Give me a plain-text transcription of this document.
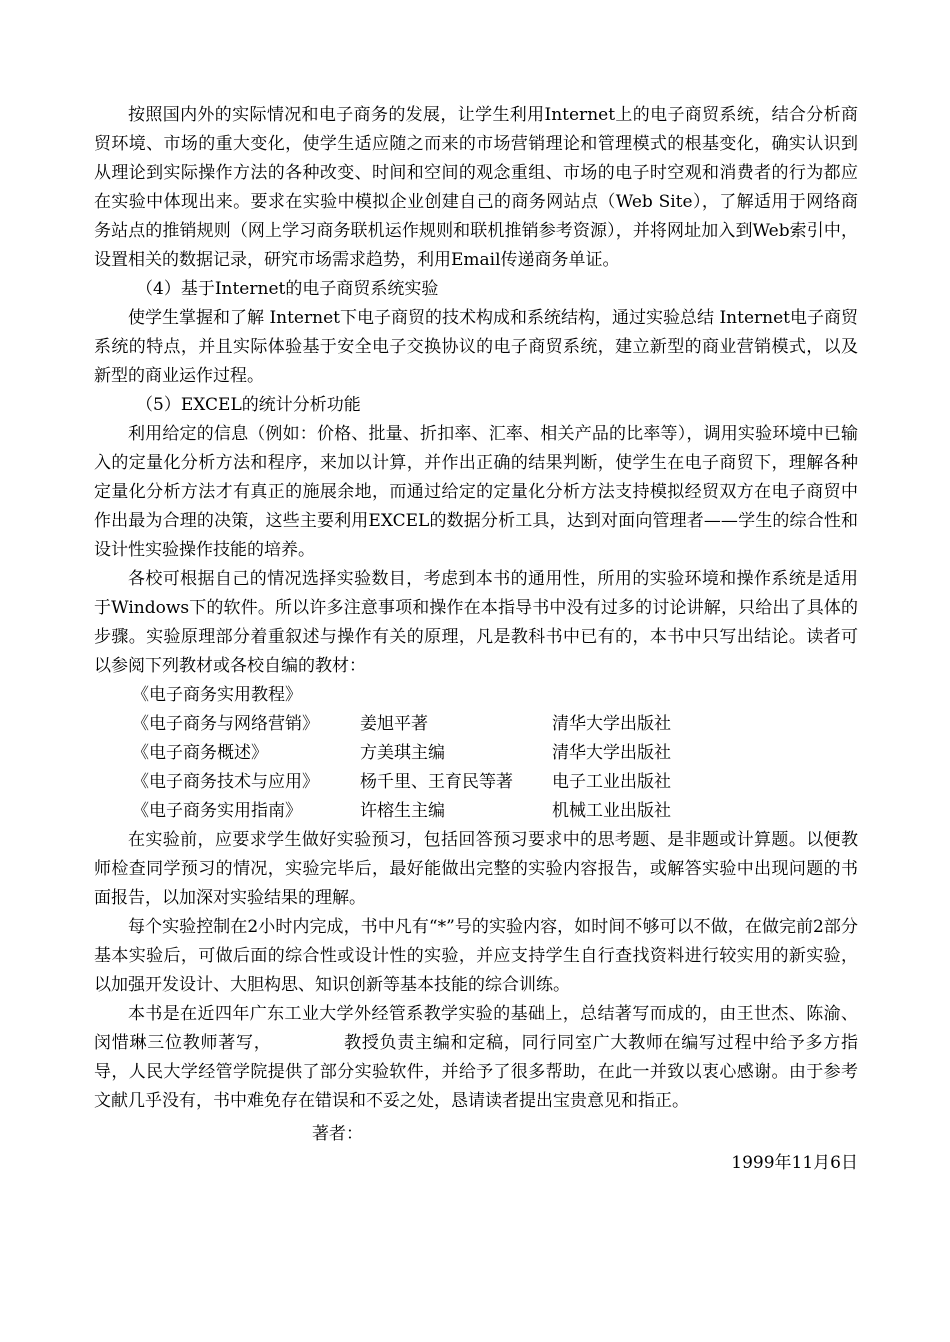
按照国内外的实际情况和电子商务的发展，让学生利用Internet上的电子商贸系统，结合分析商贸环境、市场的重大变化，使学生适应随之而来的市场营销理论和管理模式的根基变化，确实认识到从理论到实际操作方法的各种改变、时间和空间的观念重组、市场的电子时空观和消费者的行为都应在实验中体现出来。要求在实验中模拟企业创建自己的商务网站点（Web Site），了解适用于网络商务站点的推销规则（网上学习商务联机运作规则和联机推销参考资源），并将网址加入到Web索引中，设置相关的数据记录，研究市场需求趋势，利用Email传递商务单证。

（4）基于Internet的电子商贸系统实验

使学生掌握和了解 Internet下电子商贸的技术构成和系统结构，通过实验总结 Internet电子商贸系统的特点，并且实际体验基于安全电子交换协议的电子商贸系统，建立新型的商业营销模式，以及新型的商业运作过程。

（5）EXCEL的统计分析功能

利用给定的信息（例如：价格、批量、折扣率、汇率、相关产品的比率等），调用实验环境中已输入的定量化分析方法和程序，来加以计算，并作出正确的结果判断，使学生在电子商贸下，理解各种定量化分析方法才有真正的施展余地，而通过给定的定量化分析方法支持模拟经贸双方在电子商贸中作出最为合理的决策，这些主要利用EXCEL的数据分析工具，达到对面向管理者——学生的综合性和设计性实验操作技能的培养。

各校可根据自己的情况选择实验数目，考虑到本书的通用性，所用的实验环境和操作系统是适用于Windows下的软件。所以许多注意事项和操作在本指导书中没有过多的讨论讲解，只给出了具体的步骤。实验原理部分着重叙述与操作有关的原理，凡是教科书中已有的，本书中只写出结论。读者可以参阅下列教材或各校自编的教材：

《电子商务实用教程》
《电子商务与网络营销》 姜旭平著	清华大学出版社
《电子商务概述》	方美琪主编	清华大学出版社
《电子商务技术与应用》 杨千里、王育民等著 电子工业出版社
《电子商务实用指南》	许榕生主编	机械工业出版社

在实验前，应要求学生做好实验预习，包括回答预习要求中的思考题、是非题或计算题。以便教师检查同学预习的情况，实验完毕后，最好能做出完整的实验内容报告，或解答实验中出现问题的书面报告，以加深对实验结果的理解。

每个实验控制在2小时内完成，书中凡有“*”号的实验内容，如时间不够可以不做，在做完前2部分基本实验后，可做后面的综合性或设计性的实验，并应支持学生自行查找资料进行较实用的新实验，以加强开发设计、大胆构思、知识创新等基本技能的综合训练。

本书是在近四年广东工业大学外经管系教学实验的基础上，总结著写而成的，由王世杰、陈渝、闵惜琳三位教师著写，	教授负责主编和定稿，同行同室广大教师在编写过程中给予多方指导，人民大学经管学院提供了部分实验软件，并给予了很多帮助，在此一并致以衷心感谢。由于参考文献几乎没有，书中难免存在错误和不妥之处，恳请读者提出宝贵意见和指正。

著者：

1999年11月6日
